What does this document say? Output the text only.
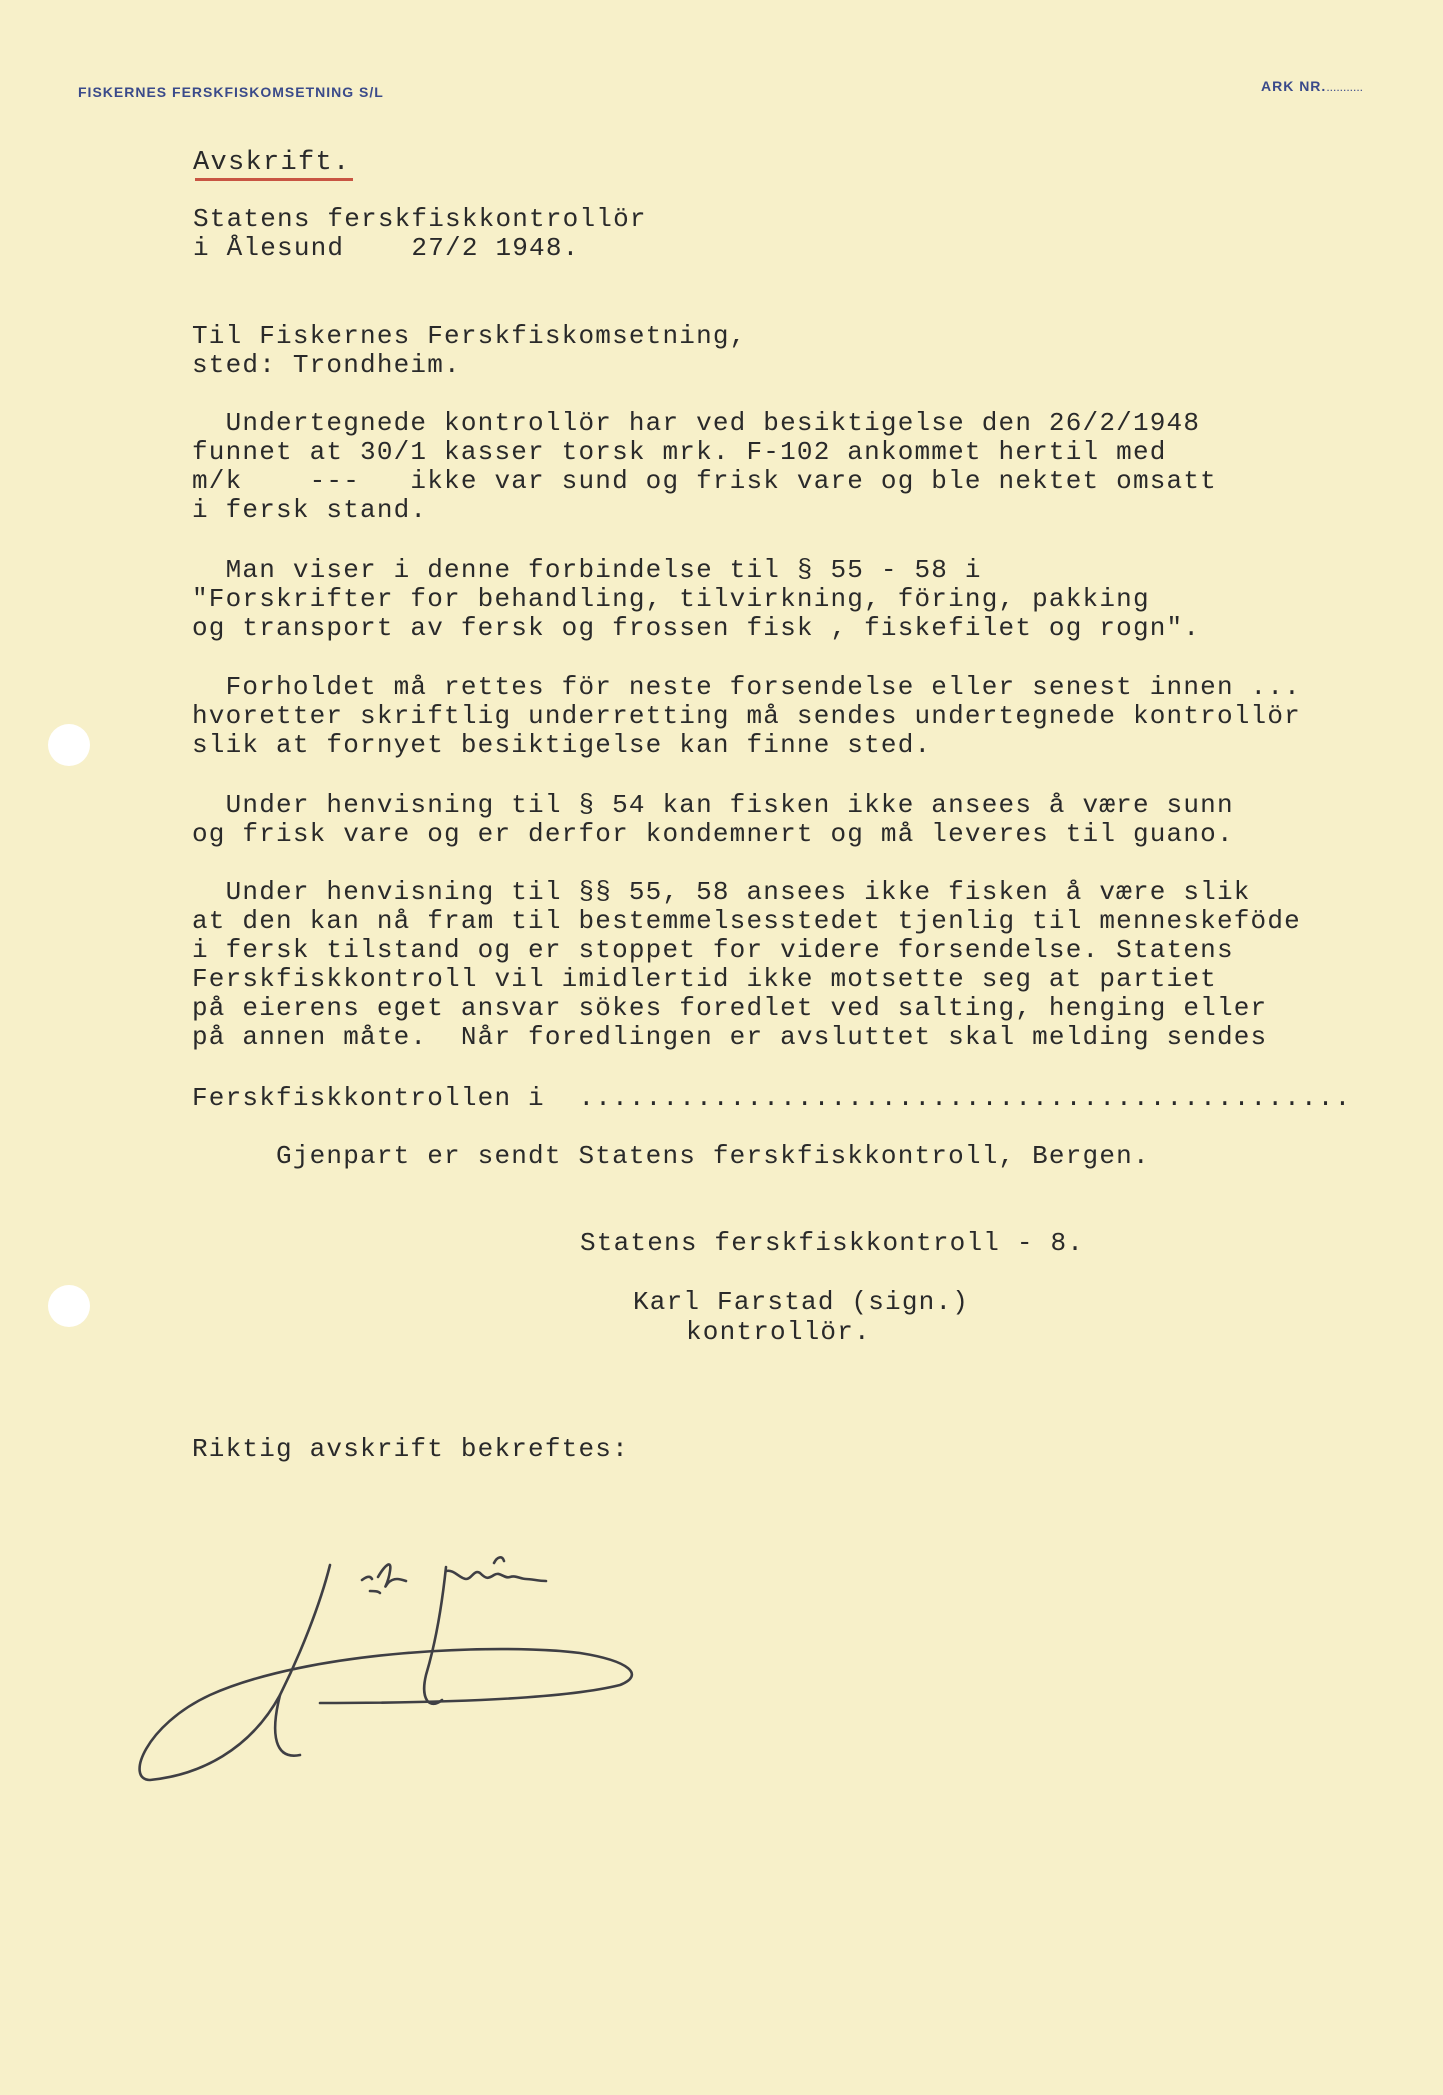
FISKERNES FERSKFISKOMSETNING S/L	ARK NR............
Avskrift.
Statens ferskfiskkontrollör
i Ålesund    27/2 1948.
Til Fiskernes Ferskfiskomsetning,
sted: Trondheim.
Undertegnede kontrollör har ved besiktigelse den 26/2/1948
funnet at 30/1 kasser torsk mrk. F-102 ankommet hertil med
m/k    ---   ikke var sund og frisk vare og ble nektet omsatt
i fersk stand.
Man viser i denne forbindelse til § 55 - 58 i
"Forskrifter for behandling, tilvirkning, föring, pakking
og transport av fersk og frossen fisk , fiskefilet og rogn".
Forholdet må rettes för neste forsendelse eller senest innen ...
hvoretter skriftlig underretting må sendes undertegnede kontrollör
slik at fornyet besiktigelse kan finne sted.
Under henvisning til § 54 kan fisken ikke ansees å være sunn
og frisk vare og er derfor kondemnert og må leveres til guano.
Under henvisning til §§ 55, 58 ansees ikke fisken å være slik
at den kan nå fram til bestemmelsesstedet tjenlig til menneskeföde
i fersk tilstand og er stoppet for videre forsendelse. Statens
Ferskfiskkontroll vil imidlertid ikke motsette seg at partiet
på eierens eget ansvar sökes foredlet ved salting, henging eller
på annen måte.  Når foredlingen er avsluttet skal melding sendes
Ferskfiskkontrollen i  ..............................................
Gjenpart er sendt Statens ferskfiskkontroll, Bergen.
Statens ferskfiskkontroll - 8.
Karl Farstad (sign.)
kontrollör.
Riktig avskrift bekreftes:
